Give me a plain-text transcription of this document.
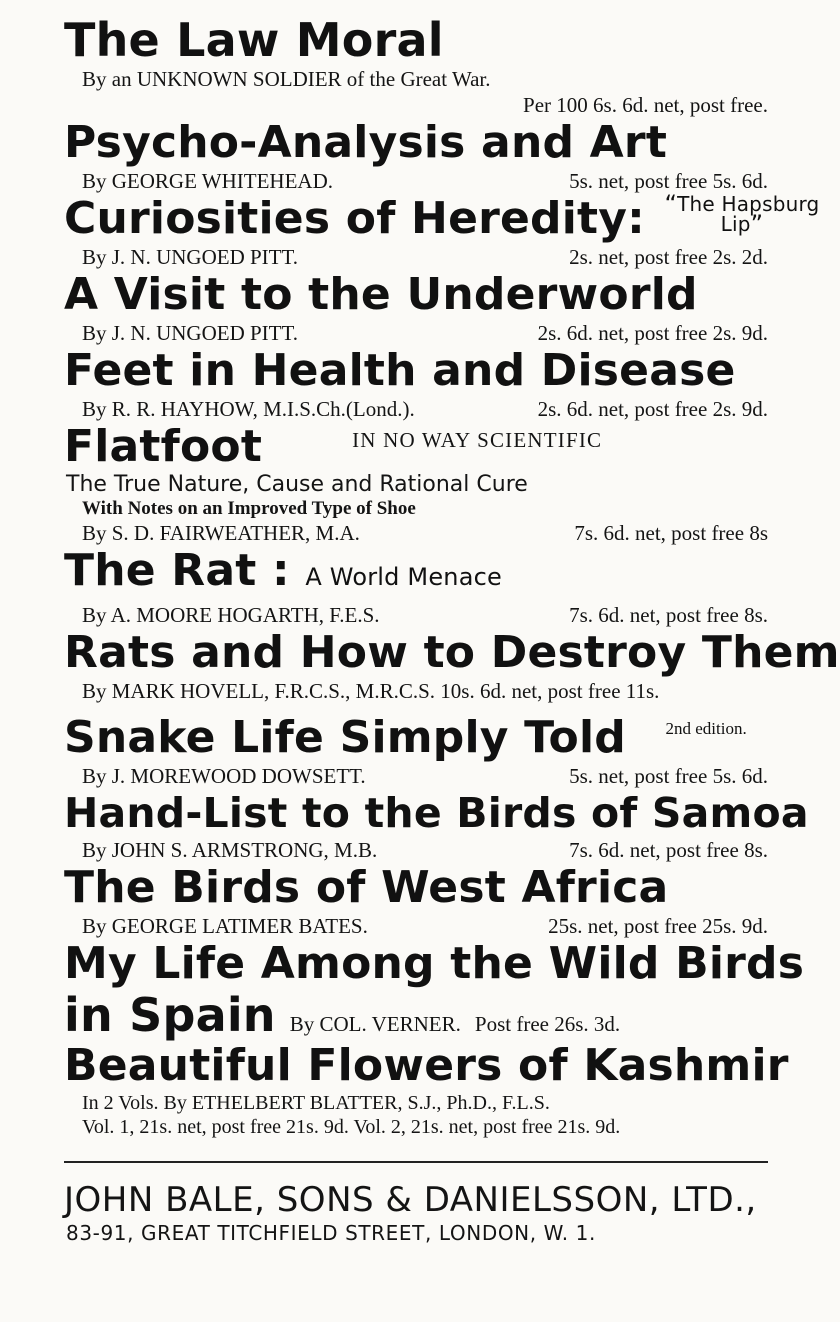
The Law Moral
By an UNKNOWN SOLDIER of the Great War.
Per 100 6s. 6d. net, post free.
Psycho-Analysis and Art
By GEORGE WHITEHEAD.	5s. net, post free 5s. 6d.
Curiosities of Heredity: “The Hapsburg
Lip”
By J. N. UNGOED PITT.	2s. net, post free 2s. 2d.
A Visit to the Underworld
By J. N. UNGOED PITT.	2s. 6d. net, post free 2s. 9d.
Feet in Health and Disease
By R. R. HAYHOW, M.I.S.Ch.(Lond.).	2s. 6d. net, post free 2s. 9d.
Flatfoot	IN NO WAY SCIENTIFIC
The True Nature, Cause and Rational Cure
With Notes on an Improved Type of Shoe
By S. D. FAIRWEATHER, M.A.	7s. 6d. net, post free 8s
The Rat : A World Menace
By A. MOORE HOGARTH, F.E.S.	7s. 6d. net, post free 8s.
Rats and How to Destroy Them
By MARK HOVELL, F.R.C.S., M.R.C.S. 10s. 6d. net, post free 11s.
Snake Life Simply Told $^{2nd edition.}$
By J. MOREWOOD DOWSETT.	5s. net, post free 5s. 6d.
Hand-List to the Birds of Samoa
By JOHN S. ARMSTRONG, M.B.	7s. 6d. net, post free 8s.
The Birds of West Africa
By GEORGE LATIMER BATES.	25s. net, post free 25s. 9d.
My Life Among the Wild Birds
in Spain By COL. VERNER. Post free 26s. 3d.
Beautiful Flowers of Kashmir
In 2 Vols. By ETHELBERT BLATTER, S.J., Ph.D., F.L.S.
Vol. 1, 21s. net, post free 21s. 9d. Vol. 2, 21s. net, post free 21s. 9d.
JOHN BALE, SONS & DANIELSSON, LTD.,
83-91, GREAT TITCHFIELD STREET, LONDON, W. 1.
